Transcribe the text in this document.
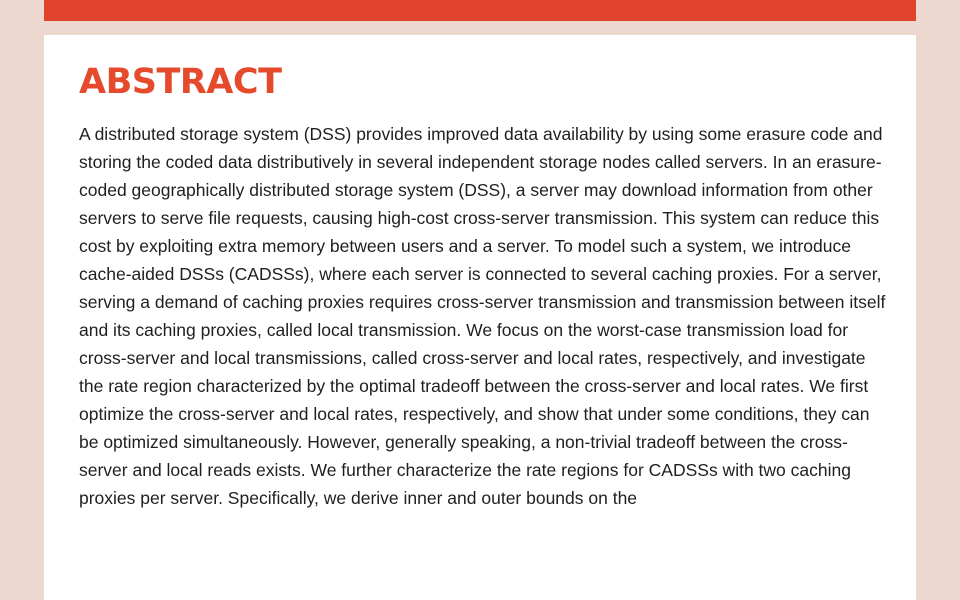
ABSTRACT

A distributed storage system (DSS) provides improved data availability by using some erasure code and storing the coded data distributively in several independent storage nodes called servers. In an erasure-coded geographically distributed storage system (DSS), a server may download information from other servers to serve file requests, causing high-cost cross-server transmission. This system can reduce this cost by exploiting extra memory between users and a server. To model such a system, we introduce cache-aided DSSs (CADSSs), where each server is connected to several caching proxies. For a server, serving a demand of caching proxies requires cross-server transmission and transmission between itself and its caching proxies, called local transmission. We focus on the worst-case transmission load for cross-server and local transmissions, called cross-server and local rates, respectively, and investigate the rate region characterized by the optimal tradeoff between the cross-server and local rates. We first optimize the cross-server and local rates, respectively, and show that under some conditions, they can be optimized simultaneously. However, generally speaking, a non-trivial tradeoff between the cross-server and local reads exists. We further characterize the rate regions for CADSSs with two caching proxies per server. Specifically, we derive inner and outer bounds on the
